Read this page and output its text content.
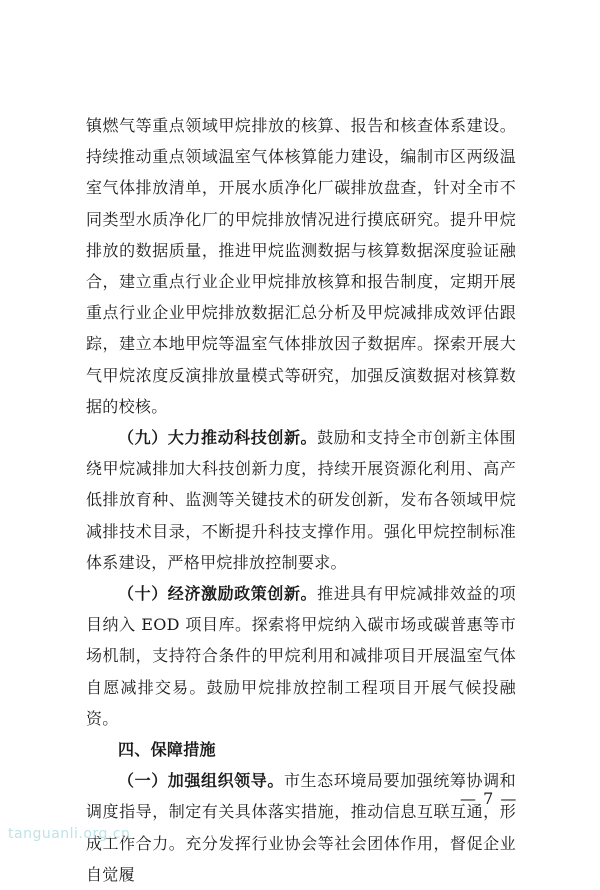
镇燃气等重点领域甲烷排放的核算、报告和核查体系建设。持续推动重点领域温室气体核算能力建设，编制市区两级温室气体排放清单，开展水质净化厂碳排放盘查，针对全市不同类型水质净化厂的甲烷排放情况进行摸底研究。提升甲烷排放的数据质量，推进甲烷监测数据与核算数据深度验证融合，建立重点行业企业甲烷排放核算和报告制度，定期开展重点行业企业甲烷排放数据汇总分析及甲烷减排成效评估跟踪，建立本地甲烷等温室气体排放因子数据库。探索开展大气甲烷浓度反演排放量模式等研究，加强反演数据对核算数据的校核。

（九）大力推动科技创新。鼓励和支持全市创新主体围绕甲烷减排加大科技创新力度，持续开展资源化利用、高产低排放育种、监测等关键技术的研发创新，发布各领域甲烷减排技术目录，不断提升科技支撑作用。强化甲烷控制标准体系建设，严格甲烷排放控制要求。

（十）经济激励政策创新。推进具有甲烷减排效益的项目纳入 EOD 项目库。探索将甲烷纳入碳市场或碳普惠等市场机制，支持符合条件的甲烷利用和减排项目开展温室气体自愿减排交易。鼓励甲烷排放控制工程项目开展气候投融资。

四、保障措施

（一）加强组织领导。市生态环境局要加强统筹协调和调度指导，制定有关具体落实措施，推动信息互联互通，形成工作合力。充分发挥行业协会等社会团体作用，督促企业自觉履

— 7 —
tanguanli.org.cn
